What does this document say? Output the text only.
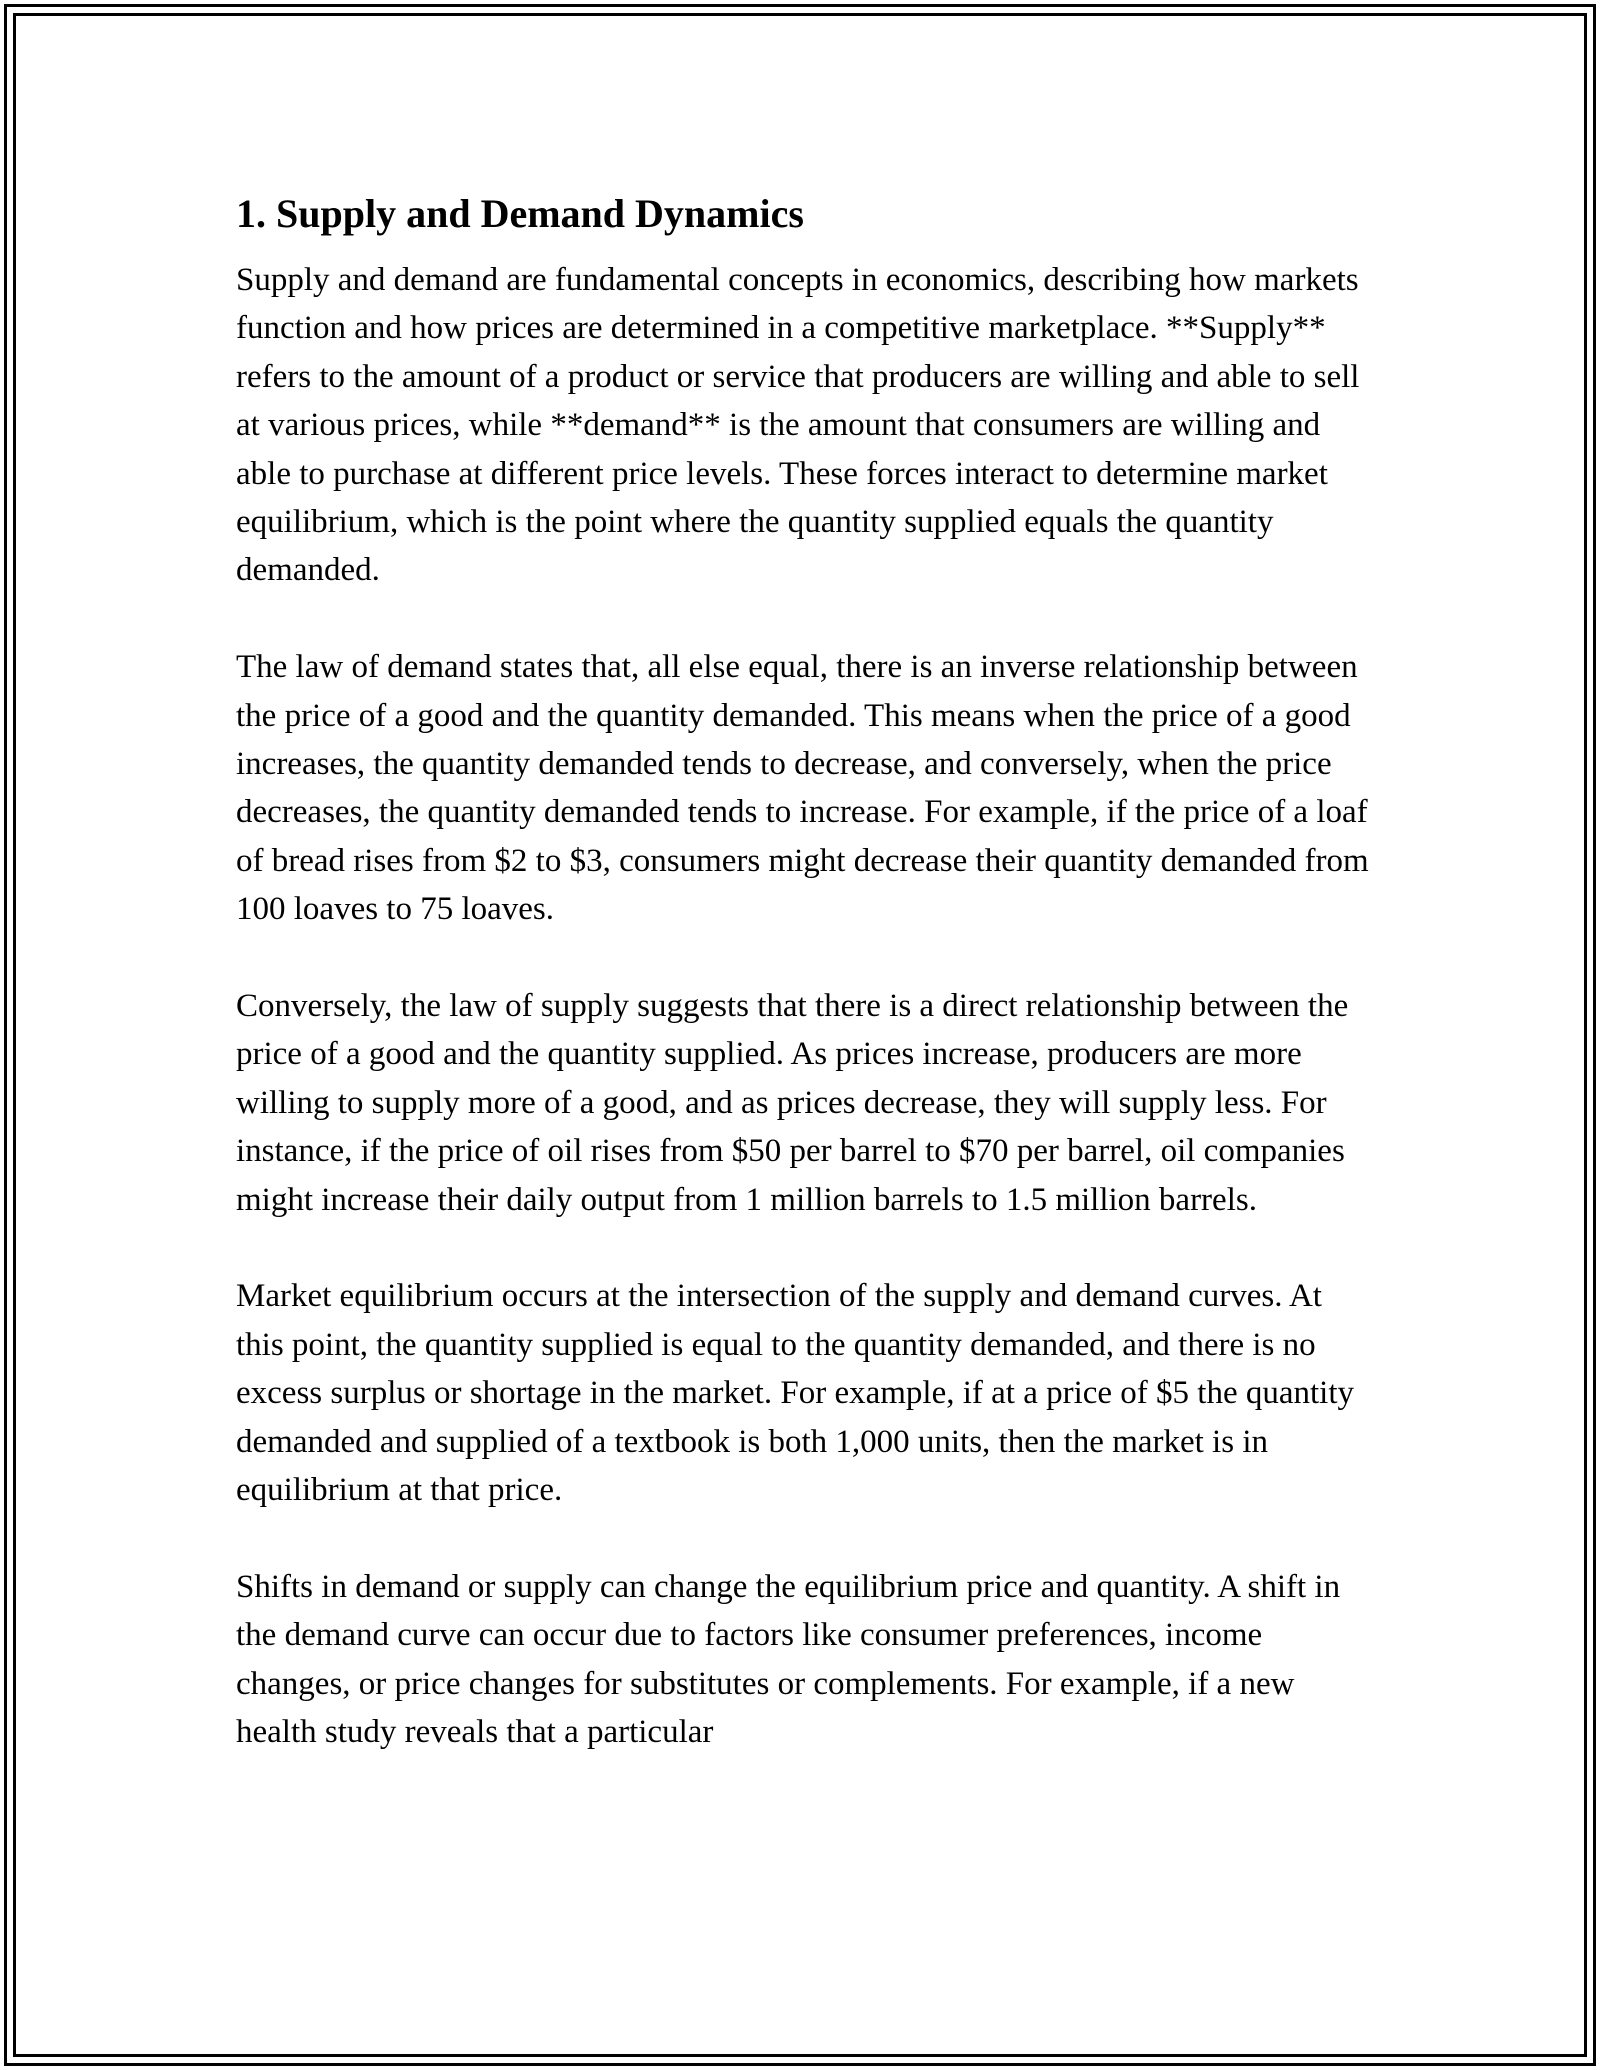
1. Supply and Demand Dynamics

Supply and demand are fundamental concepts in economics, describing how markets function and how prices are determined in a competitive marketplace. **Supply** refers to the amount of a product or service that producers are willing and able to sell at various prices, while **demand** is the amount that consumers are willing and able to purchase at different price levels. These forces interact to determine market equilibrium, which is the point where the quantity supplied equals the quantity demanded.

The law of demand states that, all else equal, there is an inverse relationship between the price of a good and the quantity demanded. This means when the price of a good increases, the quantity demanded tends to decrease, and conversely, when the price decreases, the quantity demanded tends to increase. For example, if the price of a loaf of bread rises from $2 to $3, consumers might decrease their quantity demanded from 100 loaves to 75 loaves.

Conversely, the law of supply suggests that there is a direct relationship between the price of a good and the quantity supplied. As prices increase, producers are more willing to supply more of a good, and as prices decrease, they will supply less. For instance, if the price of oil rises from $50 per barrel to $70 per barrel, oil companies might increase their daily output from 1 million barrels to 1.5 million barrels.

Market equilibrium occurs at the intersection of the supply and demand curves. At this point, the quantity supplied is equal to the quantity demanded, and there is no excess surplus or shortage in the market. For example, if at a price of $5 the quantity demanded and supplied of a textbook is both 1,000 units, then the market is in equilibrium at that price.

Shifts in demand or supply can change the equilibrium price and quantity. A shift in the demand curve can occur due to factors like consumer preferences, income changes, or price changes for substitutes or complements. For example, if a new health study reveals that a particular
